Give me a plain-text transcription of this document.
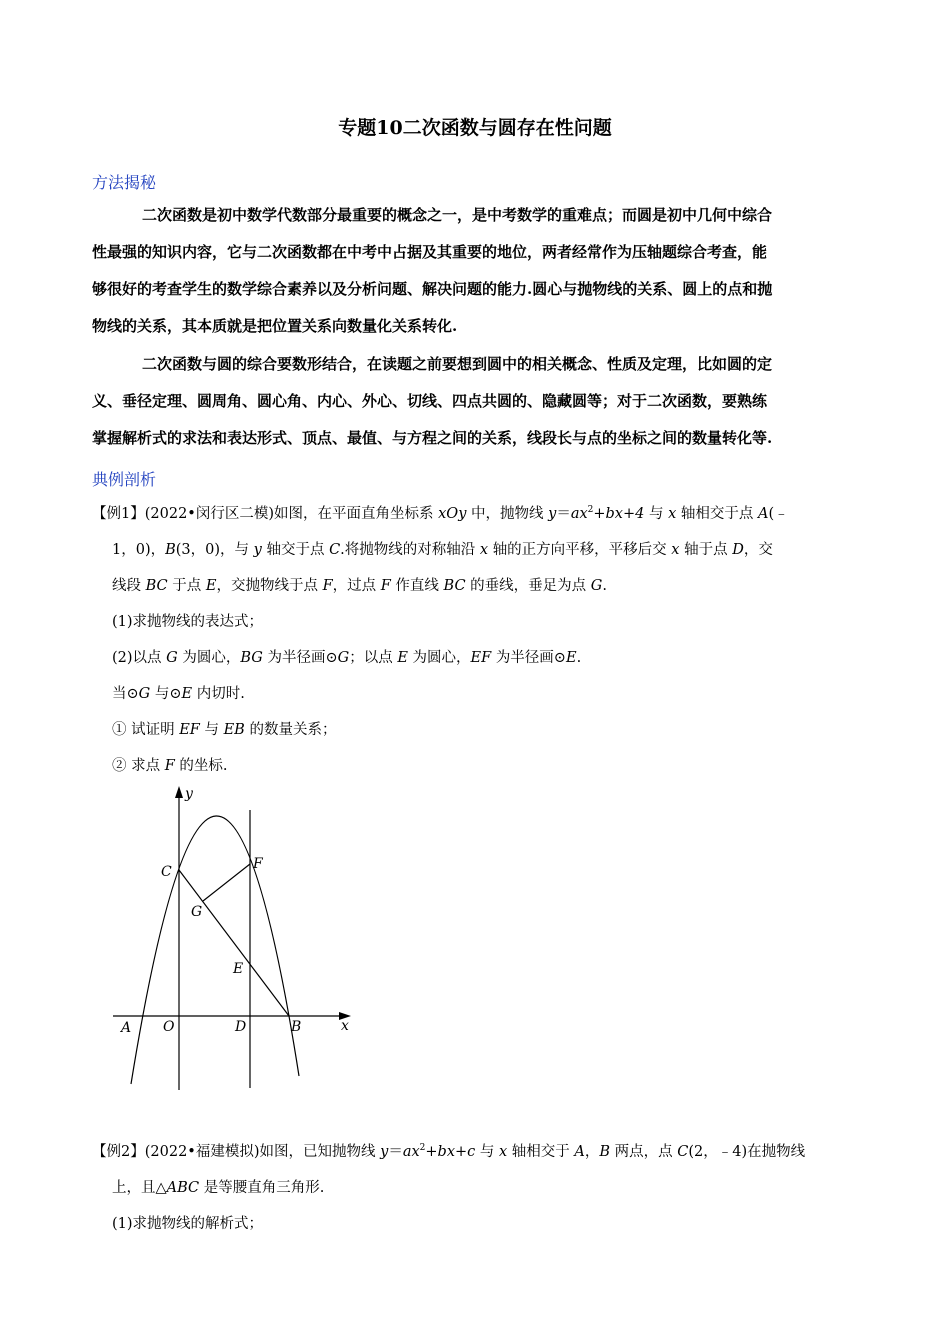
专题10二次函数与圆存在性问题
方法揭秘
二次函数是初中数学代数部分最重要的概念之一，是中考数学的重难点；而圆是初中几何中综合
性最强的知识内容，它与二次函数都在中考中占据及其重要的地位，两者经常作为压轴题综合考查，能
够很好的考查学生的数学综合素养以及分析问题、解决问题的能力.圆心与抛物线的关系、圆上的点和抛
物线的关系，其本质就是把位置关系向数量化关系转化.
二次函数与圆的综合要数形结合，在读题之前要想到圆中的相关概念、性质及定理，比如圆的定
义、垂径定理、圆周角、圆心角、内心、外心、切线、四点共圆的、隐藏圆等；对于二次函数，要熟练
掌握解析式的求法和表达形式、顶点、最值、与方程之间的关系，线段长与点的坐标之间的数量转化等.
典例剖析
【例1】(2022•闵行区二模)如图，在平面直角坐标系 xOy 中，抛物线 $y=ax^2+bx+4$ 与 x 轴相交于点 A(﹣
1，0)，B(3，0)，与 y 轴交于点 C.将抛物线的对称轴沿 x 轴的正方向平移，平移后交 x 轴于点 D，交
线段 BC 于点 E，交抛物线于点 F，过点 F 作直线 BC 的垂线，垂足为点 G.
(1)求抛物线的表达式；
(2)以点 G 为圆心，BG 为半径画⊙G；以点 E 为圆心，EF 为半径画⊙E.
当⊙G 与⊙E 内切时.
① 试证明 EF 与 EB 的数量关系；
② 求点 F 的坐标.
y
x
C	F
G
E
A O	D	B
【例2】(2022•福建模拟)如图，已知抛物线 $y=ax^2+bx+c$ 与 x 轴相交于 A，B 两点，点 C(2，﹣4)在抛物线
上，且△ABC 是等腰直角三角形.
(1)求抛物线的解析式；
